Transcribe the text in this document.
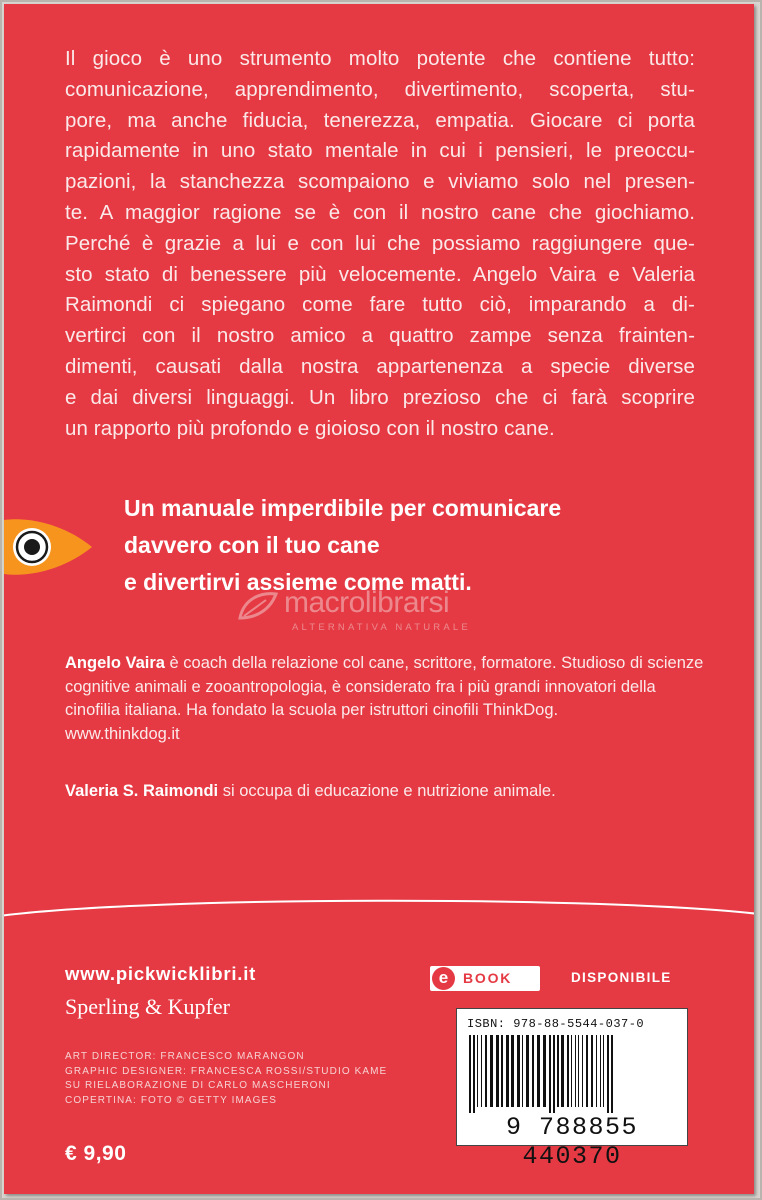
Il gioco è uno strumento molto potente che contiene tutto:
comunicazione, apprendimento, divertimento, scoperta, stu-
pore, ma anche fiducia, tenerezza, empatia. Giocare ci porta
rapidamente in uno stato mentale in cui i pensieri, le preoccu-
pazioni, la stanchezza scompaiono e viviamo solo nel presen-
te. A maggior ragione se è con il nostro cane che giochiamo.
Perché è grazie a lui e con lui che possiamo raggiungere que-
sto stato di benessere più velocemente. Angelo Vaira e Valeria
Raimondi ci spiegano come fare tutto ciò, imparando a di-
vertirci con il nostro amico a quattro zampe senza frainten-
dimenti, causati dalla nostra appartenenza a specie diverse
e dai diversi linguaggi. Un libro prezioso che ci farà scoprire
un rapporto più profondo e gioioso con il nostro cane.
Un manuale imperdibile per comunicare
davvero con il tuo cane
e divertirvi assieme come matti.
macrolibrarsi
ALTERNATIVA NATURALE

Angelo Vaira è coach della relazione col cane, scrittore, formatore. Studioso di scienze cognitive animali e zooantropologia, è considerato fra i più grandi innovatori della cinofilia italiana. Ha fondato la scuola per istruttori cinofili ThinkDog.
www.thinkdog.it

Valeria S. Raimondi si occupa di educazione e nutrizione animale.

www.pickwicklibri.it

Sperling & Kupfer

ART DIRECTOR: FRANCESCO MARANGON
GRAPHIC DESIGNER: FRANCESCA ROSSI/STUDIO KAME
SU RIELABORAZIONE DI CARLO MASCHERONI
COPERTINA: FOTO © GETTY IMAGES

€ 9,90

e	BOOK	DISPONIBILE

ISBN: 978-88-5544-037-0
9 788855 440370
